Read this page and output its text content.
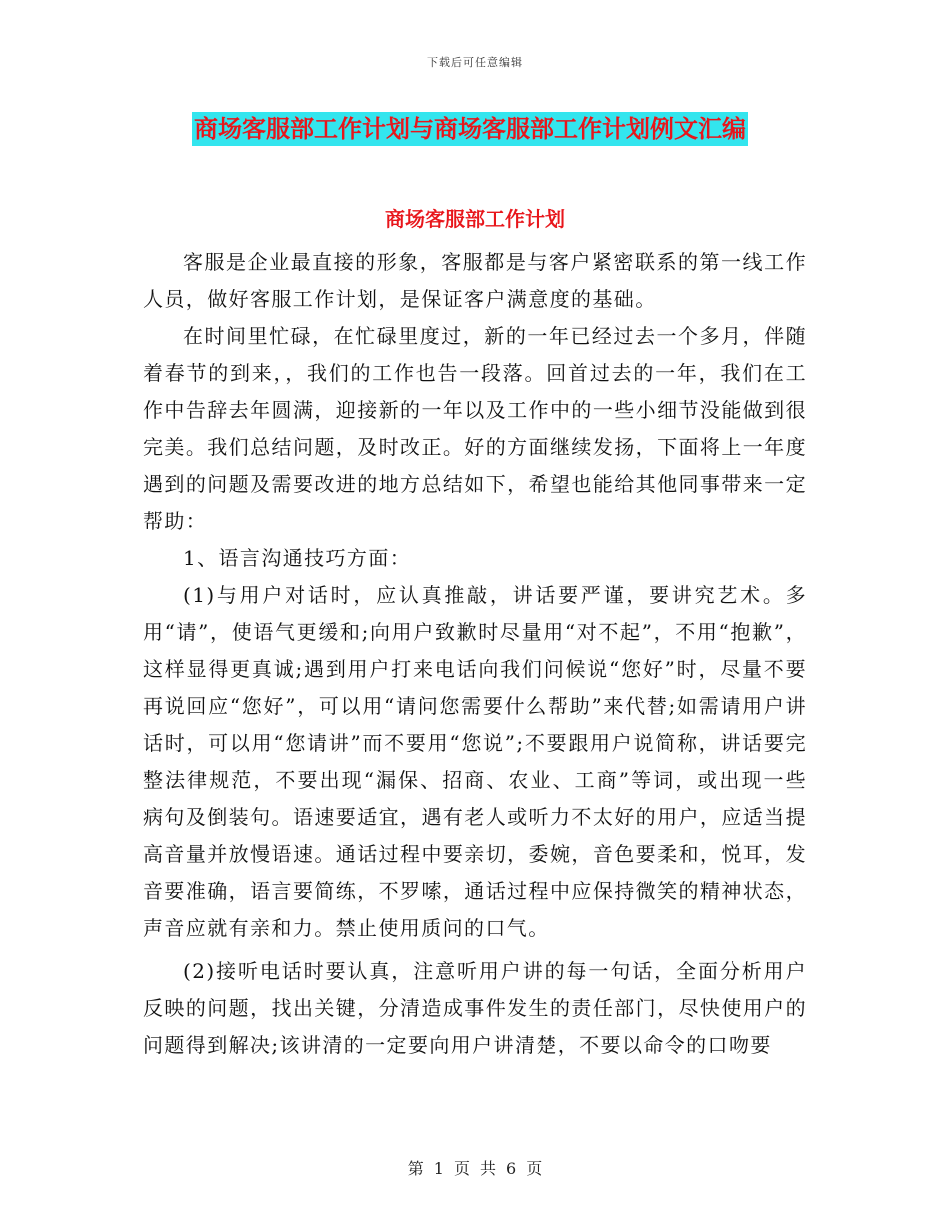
下载后可任意编辑
商场客服部工作计划与商场客服部工作计划例文汇编
商场客服部工作计划

客服是企业最直接的形象，客服都是与客户紧密联系的第一线工作人员，做好客服工作计划，是保证客户满意度的基础。

在时间里忙碌，在忙碌里度过，新的一年已经过去一个多月，伴随着春节的到来，，我们的工作也告一段落。回首过去的一年，我们在工作中告辞去年圆满，迎接新的一年以及工作中的一些小细节没能做到很完美。我们总结问题，及时改正。好的方面继续发扬，下面将上一年度遇到的问题及需要改进的地方总结如下，希望也能给其他同事带来一定帮助：

1、语言沟通技巧方面：

(1)与用户对话时，应认真推敲，讲话要严谨，要讲究艺术。多用“请”，使语气更缓和;向用户致歉时尽量用“对不起”，不用“抱歉”，这样显得更真诚;遇到用户打来电话向我们问候说“您好”时，尽量不要再说回应“您好”，可以用“请问您需要什么帮助”来代替;如需请用户讲话时，可以用“您请讲”而不要用“您说”;不要跟用户说简称，讲话要完整法律规范，不要出现“漏保、招商、农业、工商”等词，或出现一些病句及倒装句。语速要适宜，遇有老人或听力不太好的用户，应适当提高音量并放慢语速。通话过程中要亲切，委婉，音色要柔和，悦耳，发音要准确，语言要简练，不罗嗦，通话过程中应保持微笑的精神状态，声音应就有亲和力。禁止使用质问的口气。

(2)接听电话时要认真，注意听用户讲的每一句话，全面分析用户反映的问题，找出关键，分清造成事件发生的责任部门，尽快使用户的问题得到解决;该讲清的一定要向用户讲清楚，不要以命令的口吻要

第 1 页 共 6 页
